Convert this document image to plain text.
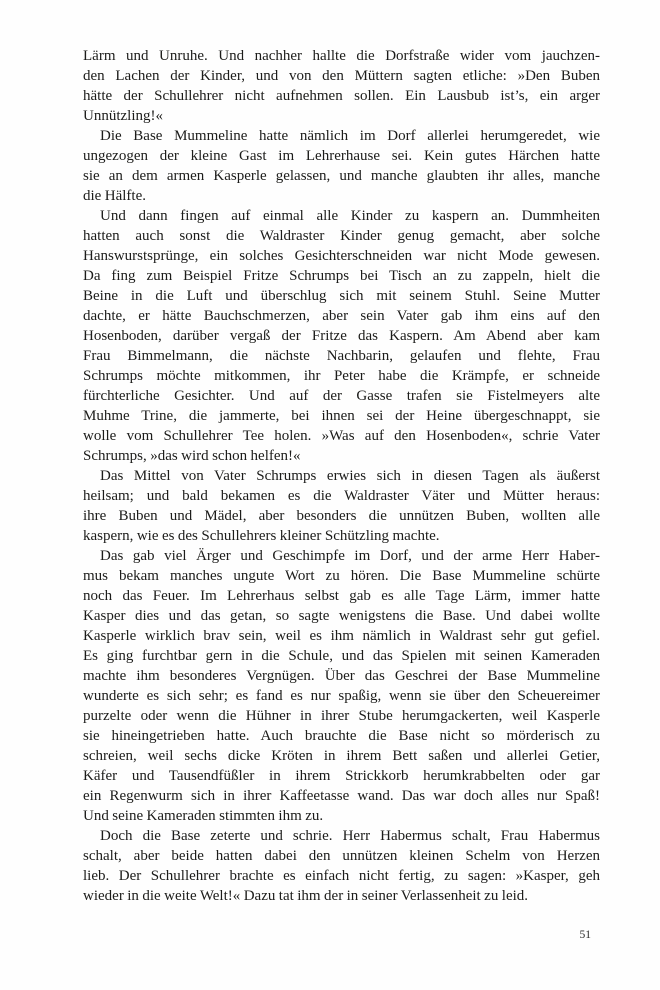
Lärm und Unruhe. Und nachher hallte die Dorfstraße wider vom jauchzen-
den Lachen der Kinder, und von den Müttern sagten etliche: »Den Buben
hätte der Schullehrer nicht aufnehmen sollen. Ein Lausbub ist’s, ein arger
Unnützling!«
Die Base Mummeline hatte nämlich im Dorf allerlei herumgeredet, wie
ungezogen der kleine Gast im Lehrerhause sei. Kein gutes Härchen hatte
sie an dem armen Kasperle gelassen, und manche glaubten ihr alles, manche
die Hälfte.
Und dann fingen auf einmal alle Kinder zu kaspern an. Dummheiten
hatten auch sonst die Waldraster Kinder genug gemacht, aber solche
Hanswurstsprünge, ein solches Gesichterschneiden war nicht Mode gewesen.
Da fing zum Beispiel Fritze Schrumps bei Tisch an zu zappeln, hielt die
Beine in die Luft und überschlug sich mit seinem Stuhl. Seine Mutter
dachte, er hätte Bauchschmerzen, aber sein Vater gab ihm eins auf den
Hosenboden, darüber vergaß der Fritze das Kaspern. Am Abend aber kam
Frau Bimmelmann, die nächste Nachbarin, gelaufen und flehte, Frau
Schrumps möchte mitkommen, ihr Peter habe die Krämpfe, er schneide
fürchterliche Gesichter. Und auf der Gasse trafen sie Fistelmeyers alte
Muhme Trine, die jammerte, bei ihnen sei der Heine übergeschnappt, sie
wolle vom Schullehrer Tee holen. »Was auf den Hosenboden«, schrie Vater
Schrumps, »das wird schon helfen!«
Das Mittel von Vater Schrumps erwies sich in diesen Tagen als äußerst
heilsam; und bald bekamen es die Waldraster Väter und Mütter heraus:
ihre Buben und Mädel, aber besonders die unnützen Buben, wollten alle
kaspern, wie es des Schullehrers kleiner Schützling machte.
Das gab viel Ärger und Geschimpfe im Dorf, und der arme Herr Haber-
mus bekam manches ungute Wort zu hören. Die Base Mummeline schürte
noch das Feuer. Im Lehrerhaus selbst gab es alle Tage Lärm, immer hatte
Kasper dies und das getan, so sagte wenigstens die Base. Und dabei wollte
Kasperle wirklich brav sein, weil es ihm nämlich in Waldrast sehr gut gefiel.
Es ging furchtbar gern in die Schule, und das Spielen mit seinen Kameraden
machte ihm besonderes Vergnügen. Über das Geschrei der Base Mummeline
wunderte es sich sehr; es fand es nur spaßig, wenn sie über den Scheuereimer
purzelte oder wenn die Hühner in ihrer Stube herumgackerten, weil Kasperle
sie hineingetrieben hatte. Auch brauchte die Base nicht so mörderisch zu
schreien, weil sechs dicke Kröten in ihrem Bett saßen und allerlei Getier,
Käfer und Tausendfüßler in ihrem Strickkorb herumkrabbelten oder gar
ein Regenwurm sich in ihrer Kaffeetasse wand. Das war doch alles nur Spaß!
Und seine Kameraden stimmten ihm zu.
Doch die Base zeterte und schrie. Herr Habermus schalt, Frau Habermus
schalt, aber beide hatten dabei den unnützen kleinen Schelm von Herzen
lieb. Der Schullehrer brachte es einfach nicht fertig, zu sagen: »Kasper, geh
wieder in die weite Welt!« Dazu tat ihm der in seiner Verlassenheit zu leid.
51
